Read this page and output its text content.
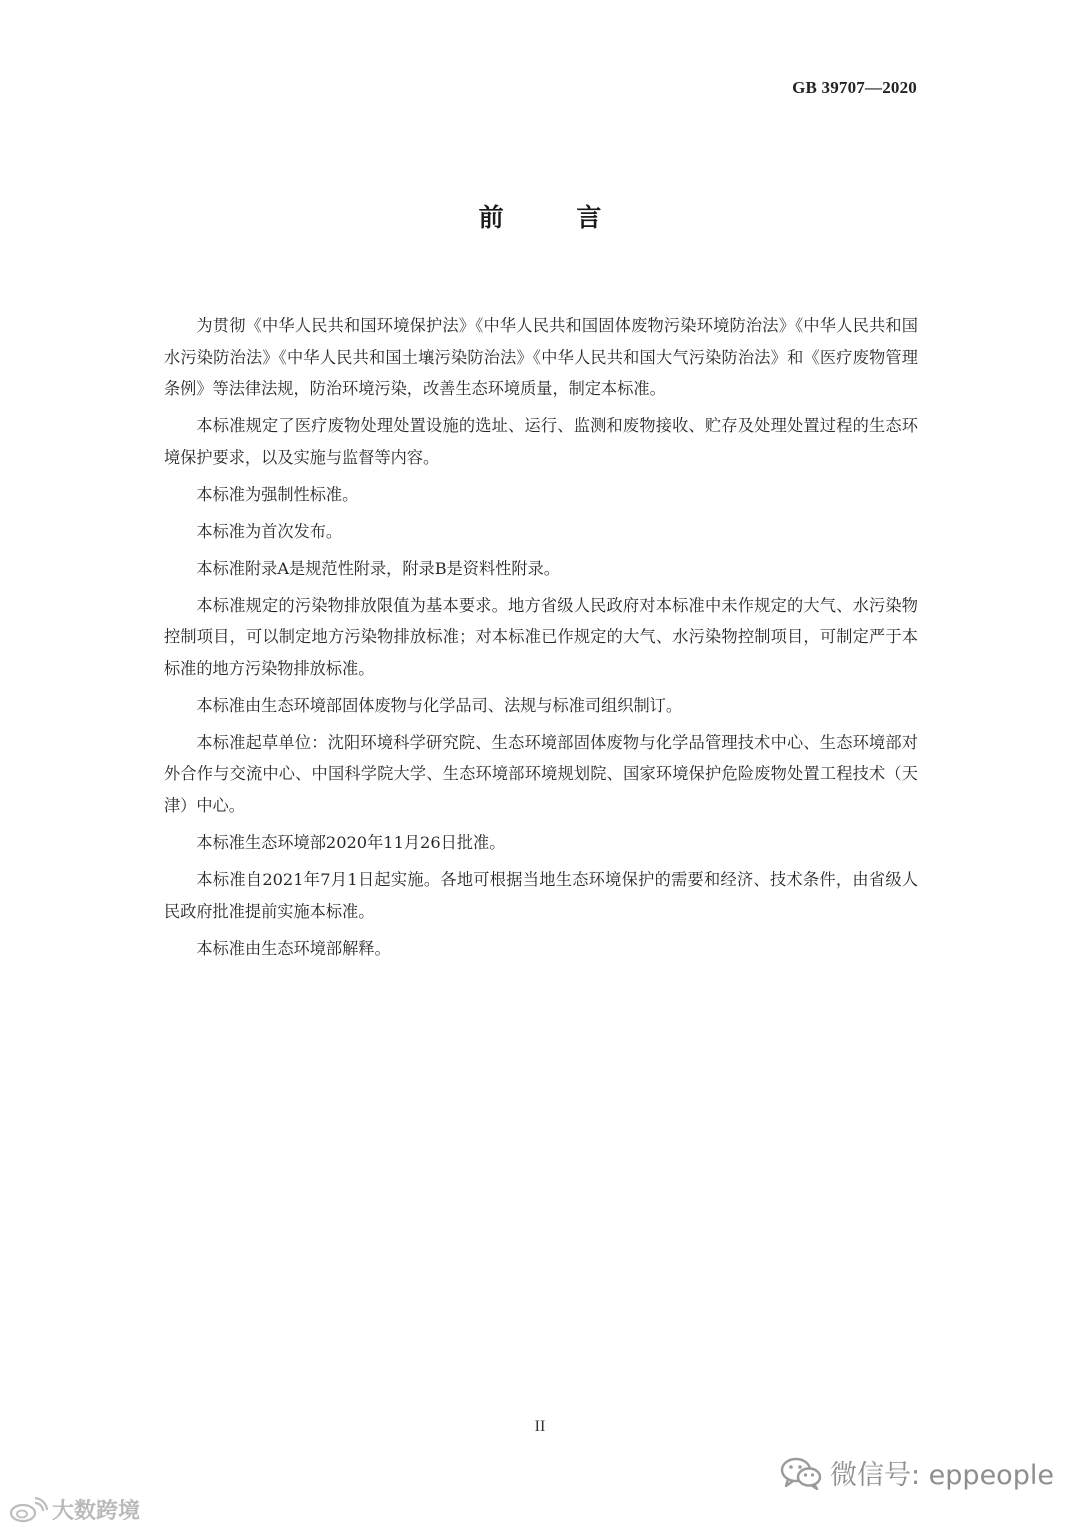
GB 39707—2020
前 言

为贯彻《中华人民共和国环境保护法》《中华人民共和国固体废物污染环境防治法》《中华人民共和国水污染防治法》《中华人民共和国土壤污染防治法》《中华人民共和国大气污染防治法》和《医疗废物管理条例》等法律法规，防治环境污染，改善生态环境质量，制定本标准。

本标准规定了医疗废物处理处置设施的选址、运行、监测和废物接收、贮存及处理处置过程的生态环境保护要求，以及实施与监督等内容。

本标准为强制性标准。

本标准为首次发布。

本标准附录A是规范性附录，附录B是资料性附录。

本标准规定的污染物排放限值为基本要求。地方省级人民政府对本标准中未作规定的大气、水污染物控制项目，可以制定地方污染物排放标准；对本标准已作规定的大气、水污染物控制项目，可制定严于本标准的地方污染物排放标准。

本标准由生态环境部固体废物与化学品司、法规与标准司组织制订。

本标准起草单位：沈阳环境科学研究院、生态环境部固体废物与化学品管理技术中心、生态环境部对外合作与交流中心、中国科学院大学、生态环境部环境规划院、国家环境保护危险废物处置工程技术（天津）中心。

本标准生态环境部2020年11月26日批准。

本标准自2021年7月1日起实施。各地可根据当地生态环境保护的需要和经济、技术条件，由省级人民政府批准提前实施本标准。

本标准由生态环境部解释。

II
微信号: eppeople
大数跨境
